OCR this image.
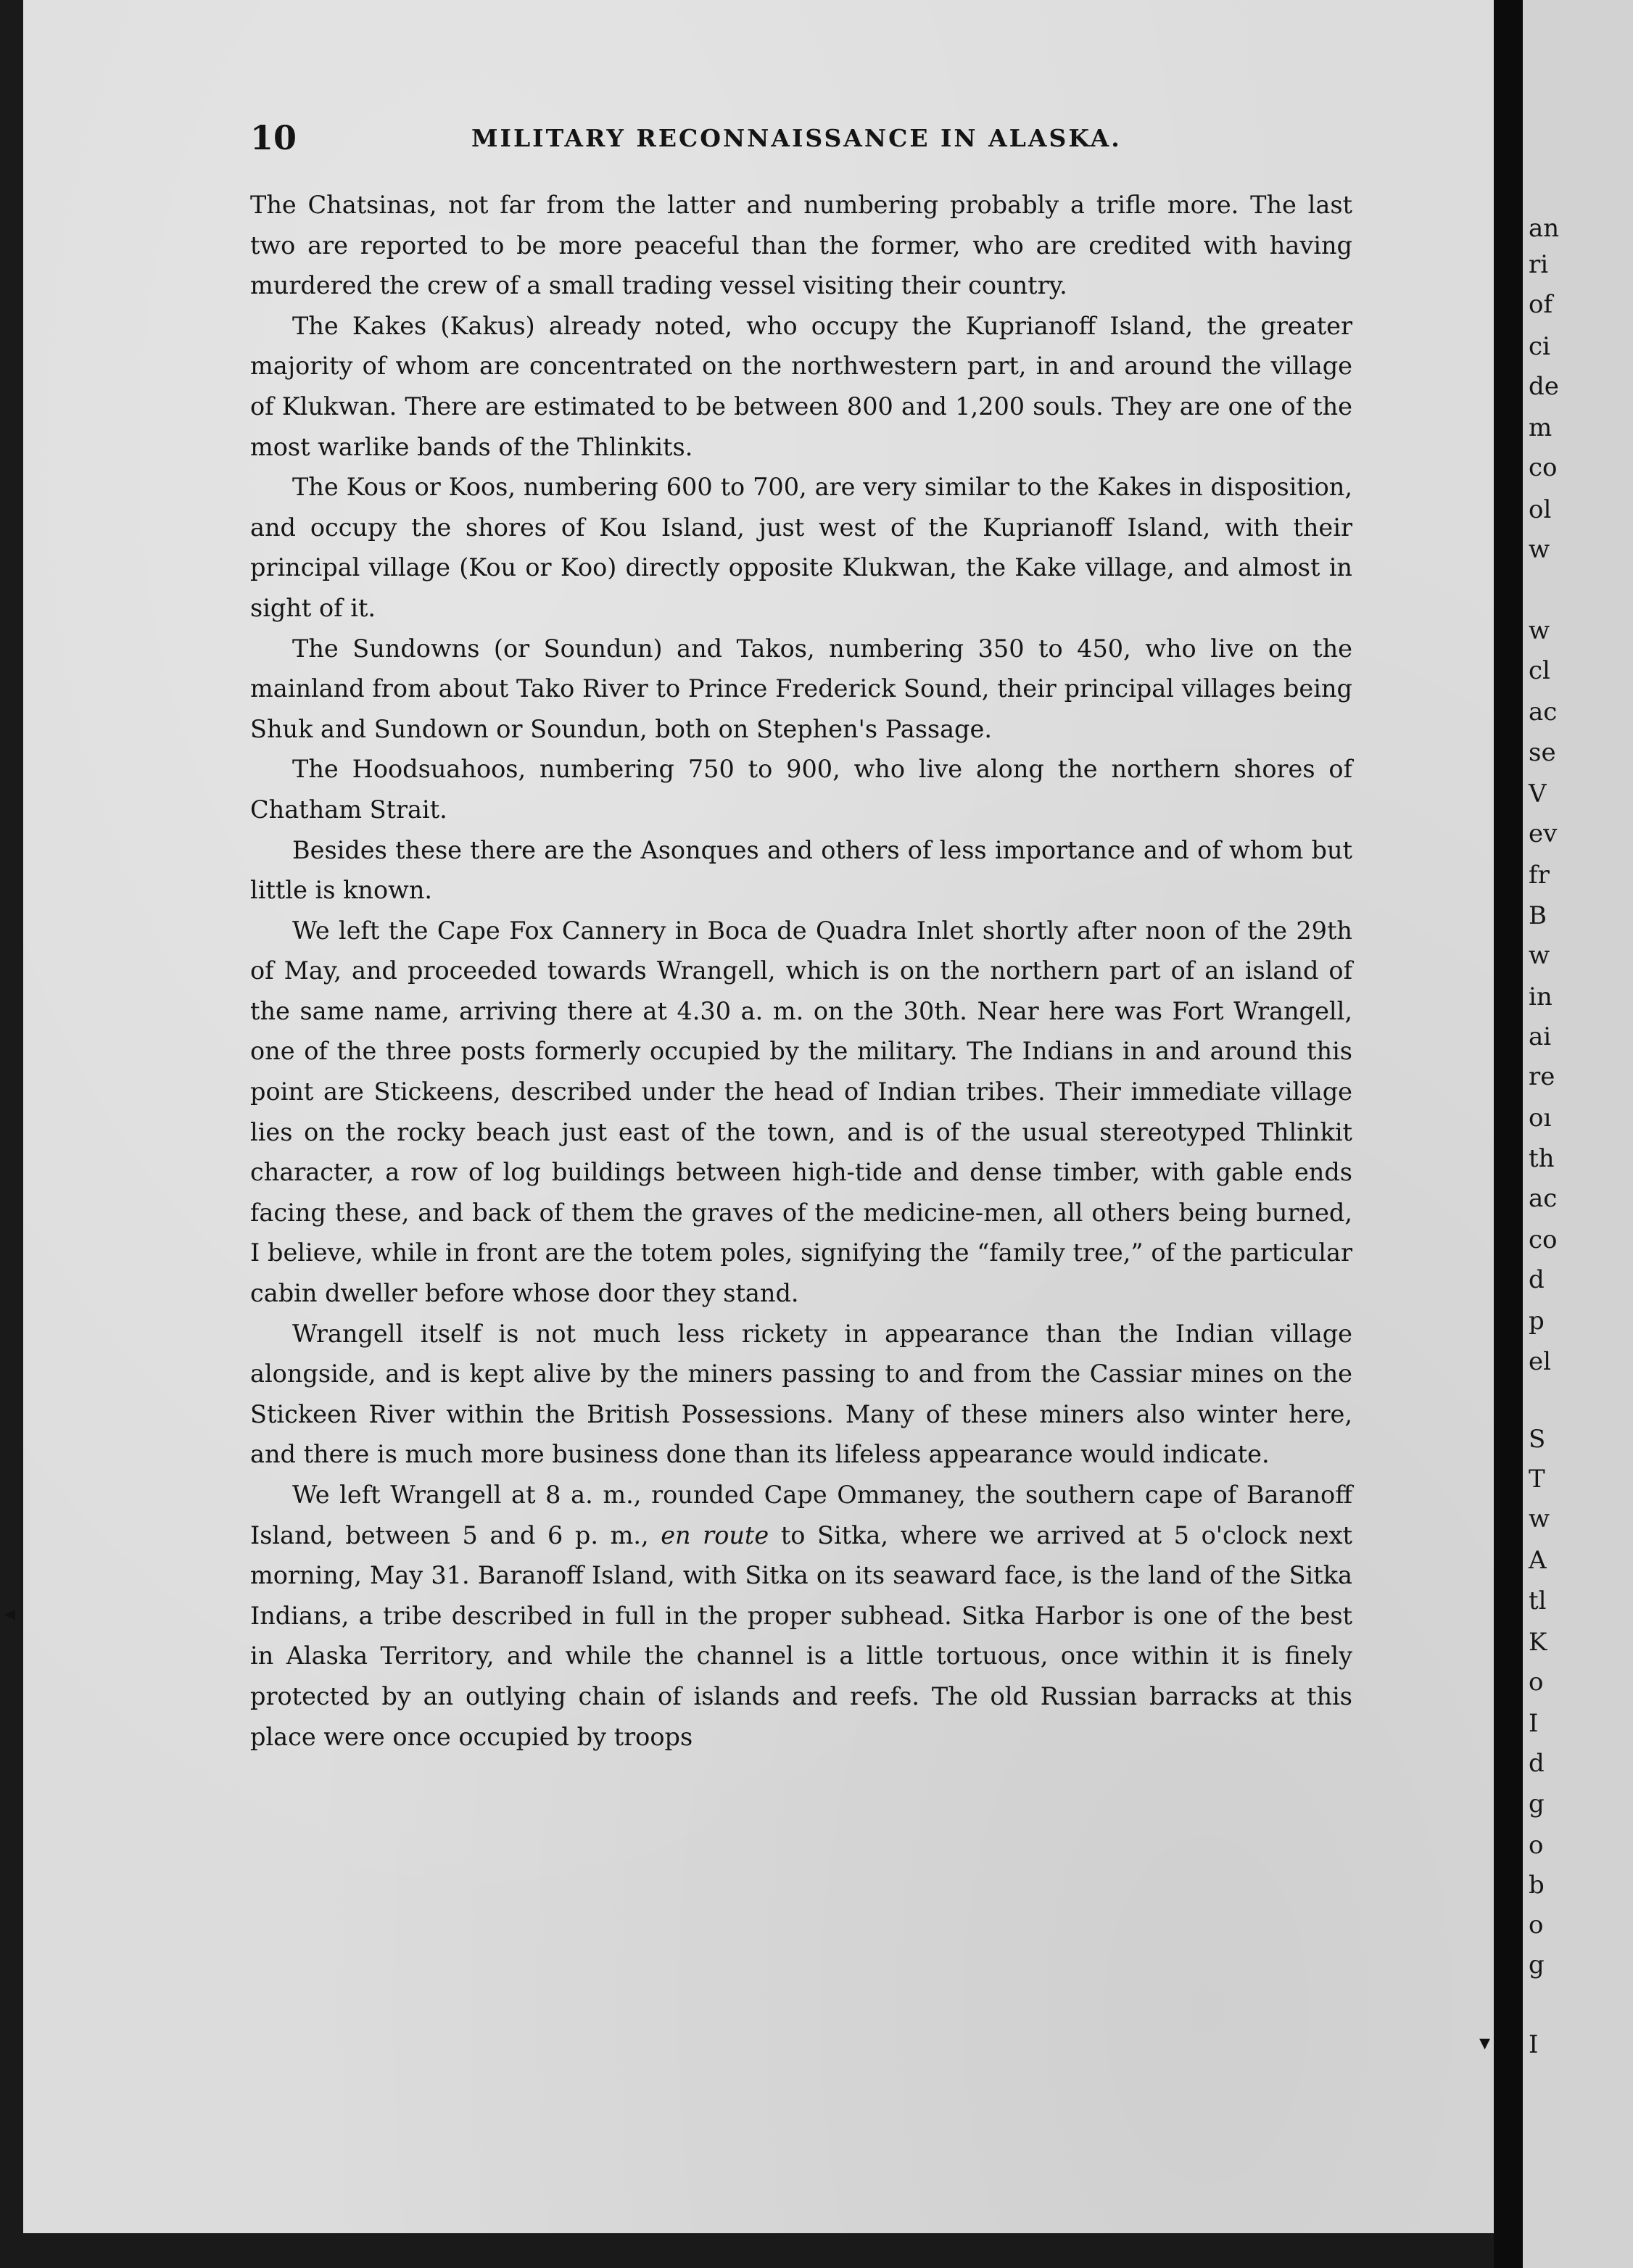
10	MILITARY RECONNAISSANCE IN ALASKA.

The Chatsinas, not far from the latter and numbering probably a trifle more. The last two are reported to be more peaceful than the former, who are credited with having murdered the crew of a small trading vessel visiting their country.

The Kakes (Kakus) already noted, who occupy the Kuprianoff Island, the greater majority of whom are concentrated on the northwestern part, in and around the village of Klukwan. There are estimated to be between 800 and 1,200 souls. They are one of the most warlike bands of the Thlinkits.

The Kous or Koos, numbering 600 to 700, are very similar to the Kakes in disposition, and occupy the shores of Kou Island, just west of the Kuprianoff Island, with their principal village (Kou or Koo) directly opposite Klukwan, the Kake village, and almost in sight of it.

The Sundowns (or Soundun) and Takos, numbering 350 to 450, who live on the mainland from about Tako River to Prince Frederick Sound, their principal villages being Shuk and Sundown or Soundun, both on Stephen's Passage.

The Hoodsuahoos, numbering 750 to 900, who live along the northern shores of Chatham Strait.

Besides these there are the Asonques and others of less importance and of whom but little is known.

We left the Cape Fox Cannery in Boca de Quadra Inlet shortly after noon of the 29th of May, and proceeded towards Wrangell, which is on the northern part of an island of the same name, arriving there at 4.30 a. m. on the 30th. Near here was Fort Wrangell, one of the three posts formerly occupied by the military. The Indians in and around this point are Stickeens, described under the head of Indian tribes. Their immediate village lies on the rocky beach just east of the town, and is of the usual stereotyped Thlinkit character, a row of log buildings between high-tide and dense timber, with gable ends facing these, and back of them the graves of the medicine-men, all others being burned, I believe, while in front are the totem poles, signifying the “family tree,” of the particular cabin dweller before whose door they stand.

Wrangell itself is not much less rickety in appearance than the Indian village alongside, and is kept alive by the miners passing to and from the Cassiar mines on the Stickeen River within the British Possessions. Many of these miners also winter here, and there is much more business done than its lifeless appearance would indicate.

We left Wrangell at 8 a. m., rounded Cape Ommaney, the southern cape of Baranoff Island, between 5 and 6 p. m., en route to Sitka, where we arrived at 5 o'clock next morning, May 31. Baranoff Island, with Sitka on its seaward face, is the land of the Sitka Indians, a tribe described in full in the proper subhead. Sitka Harbor is one of the best in Alaska Territory, and while the channel is a little tortuous, once within it is finely protected by an outlying chain of islands and reefs. The old Russian barracks at this place were once occupied by troops

an
ri
of
ci
de
m
co
ol
w
w
cl
ac
se
V
ev
fr
B
w
in
ai
re
oı
th
ac
co
d
p
el
S
T
w
A
tl
K
o
I
d
g
o
b
o
g
I
◂
▾
